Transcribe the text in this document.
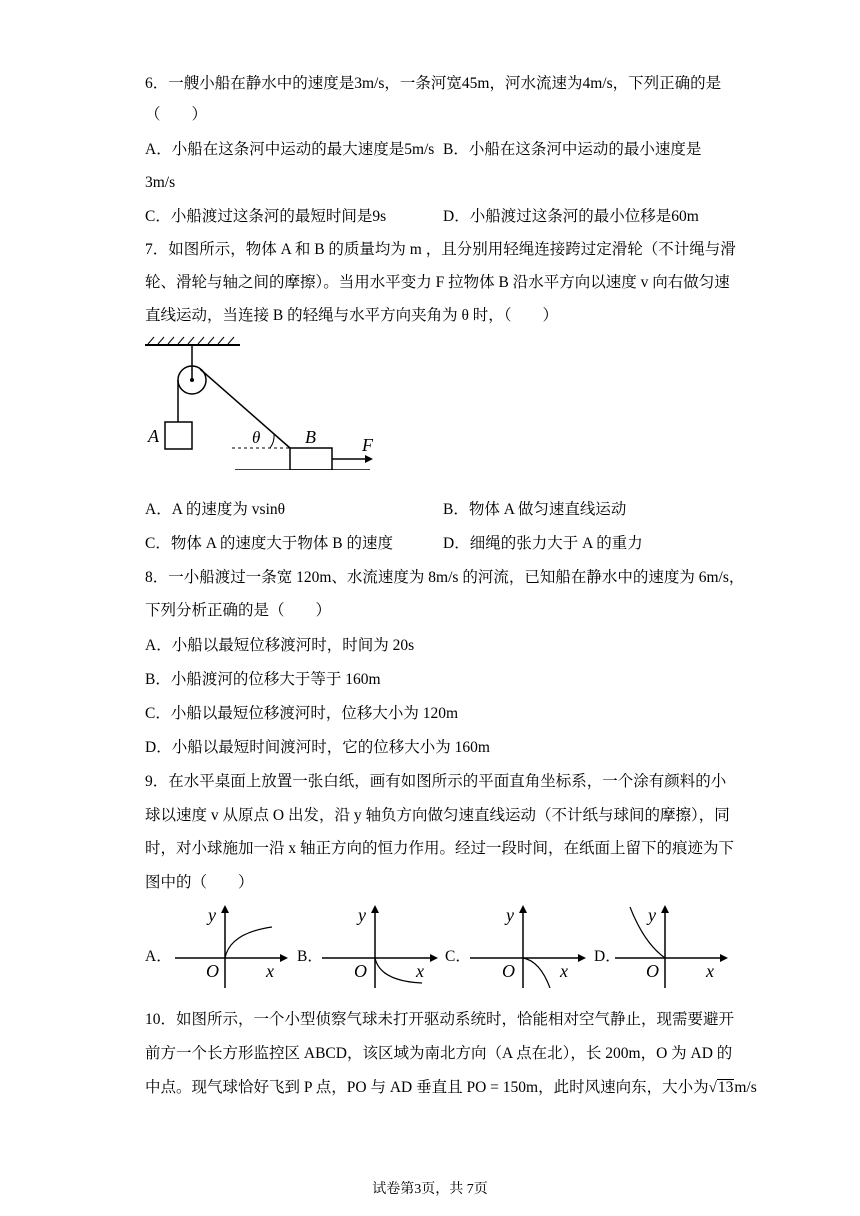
6．一艘小船在静水中的速度是3m/s，一条河宽45m，河水流速为4m/s，下列正确的是
（　　）
A．小船在这条河中运动的最大速度是5m/s B．小船在这条河中运动的最小速度是
3m/s
C．小船渡过这条河的最短时间是9s	D．小船渡过这条河的最小位移是60m
7．如图所示，物体 A 和 B 的质量均为 m ，且分别用轻绳连接跨过定滑轮（不计绳与滑
轮、滑轮与轴之间的摩擦）。当用水平变力 F 拉物体 B 沿水平方向以速度 v 向右做匀速
直线运动，当连接 B 的轻绳与水平方向夹角为 θ 时，（　　）
A	θ B	F
A．A 的速度为 vsinθ	B．物体 A 做匀速直线运动
C．物体 A 的速度大于物体 B 的速度	D．细绳的张力大于 A 的重力
8．一小船渡过一条宽 120m、水流速度为 8m/s 的河流，已知船在静水中的速度为 6m/s，
下列分析正确的是（　　）
A．小船以最短位移渡河时，时间为 20s
B．小船渡河的位移大于等于 160m
C．小船以最短位移渡河时，位移大小为 120m
D．小船以最短时间渡河时，它的位移大小为 160m
9．在水平桌面上放置一张白纸，画有如图所示的平面直角坐标系，一个涂有颜料的小
球以速度 v 从原点 O 出发，沿 y 轴负方向做匀速直线运动（不计纸与球间的摩擦），同
时，对小球施加一沿 x 轴正方向的恒力作用。经过一段时间，在纸面上留下的痕迹为下
图中的（　　）
A．
y
O	x
B．
y
O	x
C．
y
O	x
D．
y
O	x
10．如图所示，一个小型侦察气球未打开驱动系统时，恰能相对空气静止，现需要避开
前方一个长方形监控区 ABCD，该区域为南北方向（A 点在北），长 200m，O 为 AD 的
中点。现气球恰好飞到 P 点，PO 与 AD 垂直且 PO = 150m，此时风速向东，大小为√13m/s
试卷第3页，共 7页
